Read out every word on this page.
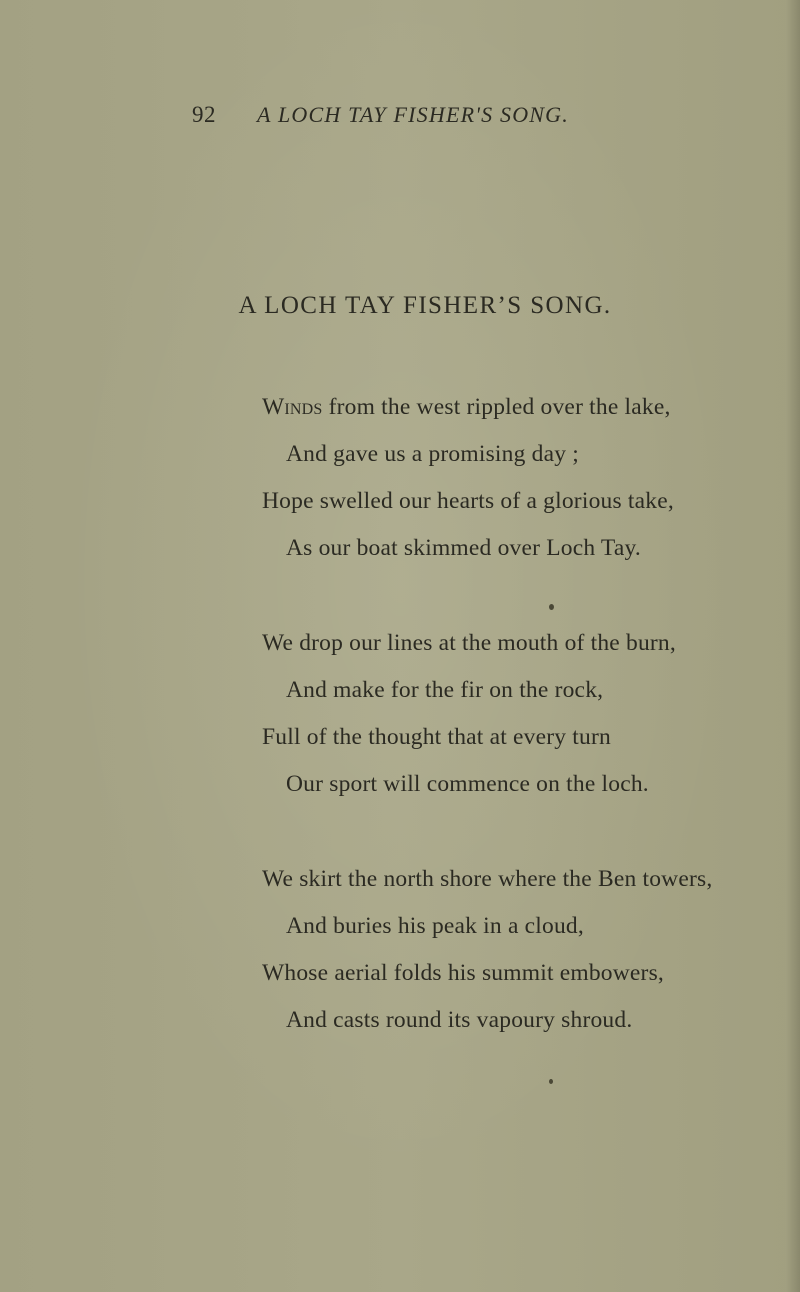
92 A LOCH TAY FISHER'S SONG.
A LOCH TAY FISHER’S SONG.
Winds from the west rippled over the lake,
And gave us a promising day ;
Hope swelled our hearts of a glorious take,
As our boat skimmed over Loch Tay.
We drop our lines at the mouth of the burn,
And make for the fir on the rock,
Full of the thought that at every turn
Our sport will commence on the loch.
We skirt the north shore where the Ben towers,
And buries his peak in a cloud,
Whose aerial folds his summit embowers,
And casts round its vapoury shroud.
